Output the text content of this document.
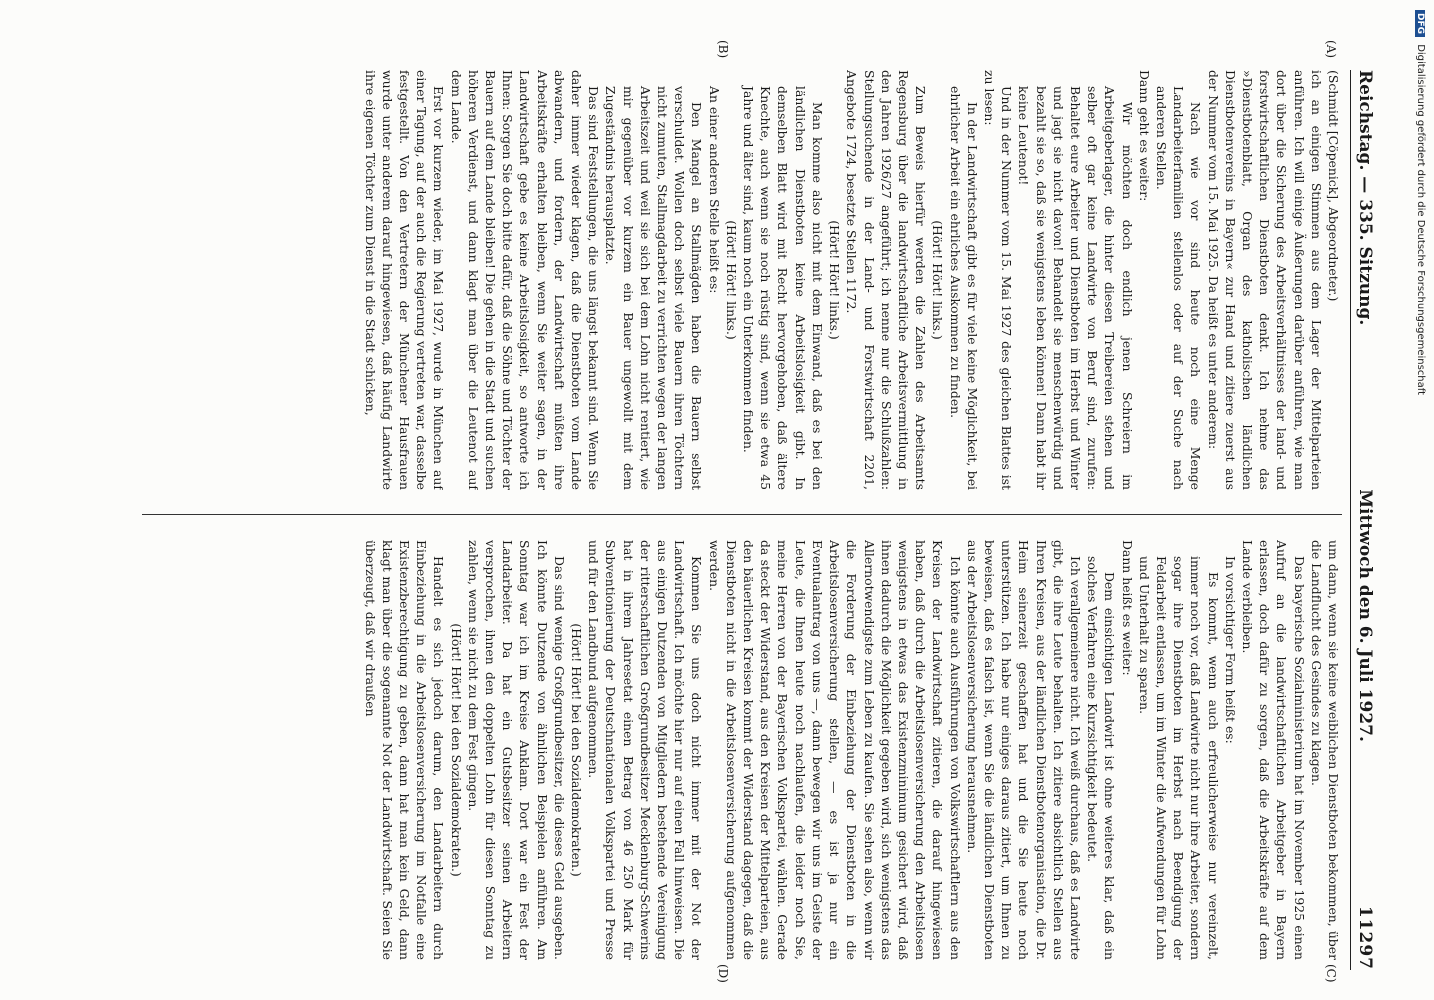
Reichstag. — 335. Sitzung.
Mittwoch den 6. Juli 1927.
11297

(Schmidt [Cöpenick], Abgeordneter.)

ich an einigen Stimmen aus dem Lager der Mittelparteien anführen. Ich will einige Äußerungen darüber anführen, wie man dort über die Sicherung des Arbeitsverhältnisses der land- und forstwirtschaftlichen Dienstboten denkt. Ich nehme das »Dienstbotenblatt, Organ des katholischen ländlichen Dienstbotenvereins in Bayern« zur Hand und zitiere zuerst aus der Nummer vom 15. Mai 1925. Da heißt es unter anderem:

Nach wie vor sind heute noch eine Menge Landarbeiterfamilien stellenlos oder auf der Suche nach anderen Stellen.

Dann geht es weiter:

Wir möchten doch endlich jenen Schreiern im Arbeitgeberlager, die hinter diesen Treibereien stehen und selber oft gar keine Landwirte von Beruf sind, zurufen: Behaltet eure Arbeiter und Dienstboten im Herbst und Winter und jagt sie nicht davon! Behandelt sie menschenwürdig und bezahlt sie so, daß sie wenigstens leben können! Dann habt ihr keine Leutenot!

Und in der Nummer vom 15. Mai 1927 des gleichen Blattes ist zu lesen:

In der Landwirtschaft gibt es für viele keine Möglichkeit, bei ehrlicher Arbeit ein ehrliches Auskommen zu finden.

(Hört! Hört! links.)

Zum Beweis hierfür werden die Zahlen des Arbeitsamts Regensburg über die landwirtschaftliche Arbeitsvermittlung in den Jahren 1926/27 angeführt; ich nenne nur die Schlußzahlen: Stellungsuchende in der Land- und Forstwirtschaft 2201, Angebote 1724, besetzte Stellen 1172.

(Hört! Hört! links.)

Man komme also nicht mit dem Einwand, daß es bei den ländlichen Dienstboten keine Arbeitslosigkeit gibt. In demselben Blatt wird mit Recht hervorgehoben, daß ältere Knechte, auch wenn sie noch rüstig sind, wenn sie etwa 45 Jahre und älter sind, kaum noch ein Unterkommen finden.

(Hört! Hört! links.)

An einer anderen Stelle heißt es:

Den Mangel an Stallmägden haben die Bauern selbst verschuldet. Wollen doch selbst viele Bauern ihren Töchtern nicht zumuten, Stallmagdarbeit zu verrichten wegen der langen Arbeitszeit und weil sie sich bei dem Lohn nicht rentiert, wie mir gegenüber vor kurzem ein Bauer ungewollt mit dem Zugeständnis herausplatzte.

Das sind Feststellungen, die uns längst bekannt sind. Wenn Sie daher immer wieder klagen, daß die Dienstboten vom Lande abwandern, und fordern, der Landwirtschaft müßten ihre Arbeitskräfte erhalten bleiben, wenn Sie weiter sagen, in der Landwirtschaft gebe es keine Arbeitslosigkeit, so antworte ich Ihnen: Sorgen Sie doch bitte dafür, daß die Söhne und Töchter der Bauern auf dem Lande bleiben! Die gehen in die Stadt und suchen höheren Verdienst, und dann klagt man über die Leutenot auf dem Lande.

Erst vor kurzem wieder, im Mai 1927, wurde in München auf einer Tagung, auf der auch die Regierung vertreten war, dasselbe festgestellt. Von den Vertretern der Münchener Hausfrauen wurde unter anderem darauf hingewiesen, daß häufig Landwirte ihre eigenen Töchter zum Dienst in die Stadt schicken,

um dann, wenn sie keine weiblichen Dienstboten bekommen, über die Landflucht des Gesindes zu klagen.

Das bayerische Sozialministerium hat im November 1925 einen Aufruf an die landwirtschaftlichen Arbeitgeber in Bayern erlassen, doch dafür zu sorgen, daß die Arbeitskräfte auf dem Lande verbleiben.

In vorsichtiger Form heißt es:

Es kommt, wenn auch erfreulicherweise nur vereinzelt, immer noch vor, daß Landwirte nicht nur ihre Arbeiter, sondern sogar ihre Dienstboten im Herbst nach Beendigung der Feldarbeit entlassen, um im Winter die Aufwendungen für Lohn und Unterhalt zu sparen.

Dann heißt es weiter:

Dem einsichtigen Landwirt ist ohne weiteres klar, daß ein solches Verfahren eine Kurzsichtigkeit bedeutet.

Ich verallgemeinere nicht. Ich weiß durchaus, daß es Landwirte gibt, die ihre Leute behalten. Ich zitiere absichtlich Stellen aus Ihren Kreisen, aus der ländlichen Dienstbotenorganisation, die Dr. Heim seinerzeit geschaffen hat und die Sie heute noch unterstützen. Ich habe nur einiges daraus zitiert, um Ihnen zu beweisen, daß es falsch ist, wenn Sie die ländlichen Dienstboten aus der Arbeitslosenversicherung herausnehmen.

Ich könnte auch Ausführungen von Volkswirtschaftlern aus den Kreisen der Landwirtschaft zitieren, die darauf hingewiesen haben, daß durch die Arbeitslosenversicherung den Arbeitslosen wenigstens in etwas das Existenzminimum gesichert wird, daß ihnen dadurch die Möglichkeit gegeben wird, sich wenigstens das Allernotwendigste zum Leben zu kaufen. Sie sehen also, wenn wir die Forderung der Einbeziehung der Dienstboten in die Arbeitslosenversicherung stellen, — es ist ja nur ein Eventualantrag von uns —, dann bewegen wir uns im Geiste der Leute, die Ihnen heute noch nachlaufen, die leider noch Sie, meine Herren von der Bayerischen Volkspartei, wählen. Gerade da steckt der Widerstand, aus den Kreisen der Mittelparteien, aus den bäuerlichen Kreisen kommt der Widerstand dagegen, daß die Dienstboten nicht in die Arbeitslosenversicherung aufgenommen werden.

Kommen Sie uns doch nicht immer mit der Not der Landwirtschaft. Ich möchte hier nur auf einen Fall hinweisen. Die aus einigen Dutzenden von Mitgliedern bestehende Vereinigung der ritterschaftlichen Großgrundbesitzer Mecklenburg-Schwerins hat in ihrem Jahresetat einen Betrag von 46 250 Mark für Subventionierung der Deutschnationalen Volkspartei und Presse und für den Landbund aufgenommen.

(Hört! Hört! bei den Sozialdemokraten.)

Das sind wenige Großgrundbesitzer, die dieses Geld ausgeben. Ich könnte Dutzende von ähnlichen Beispielen anführen. Am Sonntag war ich im Kreise Anklam. Dort war ein Fest der Landarbeiter. Da hat ein Gutsbesitzer seinen Arbeitern versprochen, ihnen den doppelten Lohn für diesen Sonntag zu zahlen, wenn sie nicht zu dem Fest gingen.

(Hört! Hört! bei den Sozialdemokraten.)

Handelt es sich jedoch darum, den Landarbeitern durch Einbeziehung in die Arbeitslosenversicherung im Notfalle eine Existenzberechtigung zu geben, dann hat man kein Geld, dann klagt man über die sogenannte Not der Landwirtschaft. Seien Sie überzeugt, daß wir draußen

(A)
(B)
(C)
(D)
DFG Digitalisierung gefördert durch die Deutsche Forschungsgemeinschaft
